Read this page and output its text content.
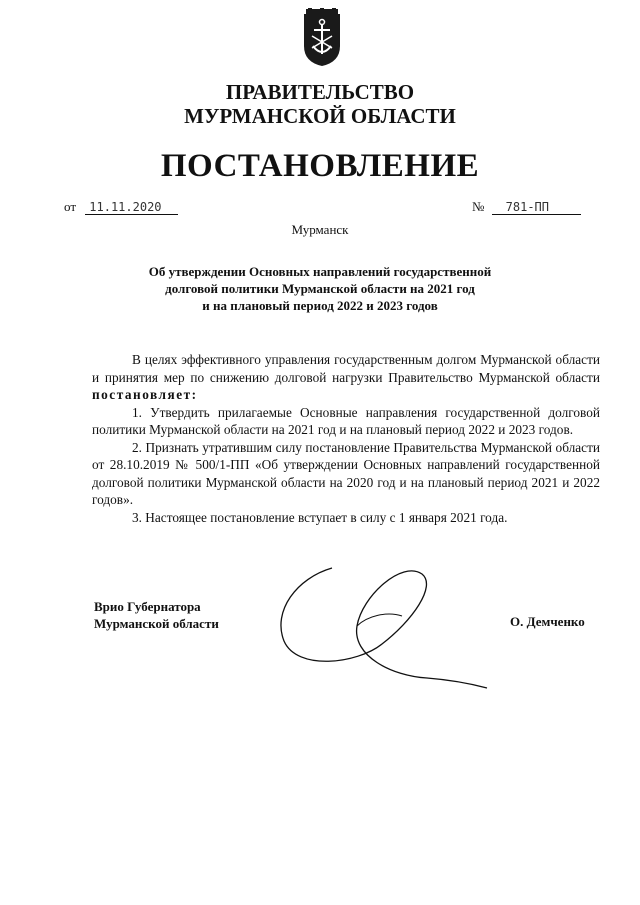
ПРАВИТЕЛЬСТВО
МУРМАНСКОЙ ОБЛАСТИ
ПОСТАНОВЛЕНИЕ
от 11.11.2020	№ 781-ПП
Мурманск
Об утверждении Основных направлений государственной
долговой политики Мурманской области на 2021 год
и на плановый период 2022 и 2023 годов

В целях эффективного управления государственным долгом Мурманской области и принятия мер по снижению долговой нагрузки Правительство Мурманской области постановляет:

1. Утвердить прилагаемые Основные направления государственной долговой политики Мурманской области на 2021 год и на плановый период 2022 и 2023 годов.

2. Признать утратившим силу постановление Правительства Мурманской области от 28.10.2019 № 500/1-ПП «Об утверждении Основных направлений государственной долговой политики Мурманской области на 2020 год и на плановый период 2021 и 2022 годов».

3. Настоящее постановление вступает в силу с 1 января 2021 года.

Врио Губернатора
Мурманской области	О. Демченко
